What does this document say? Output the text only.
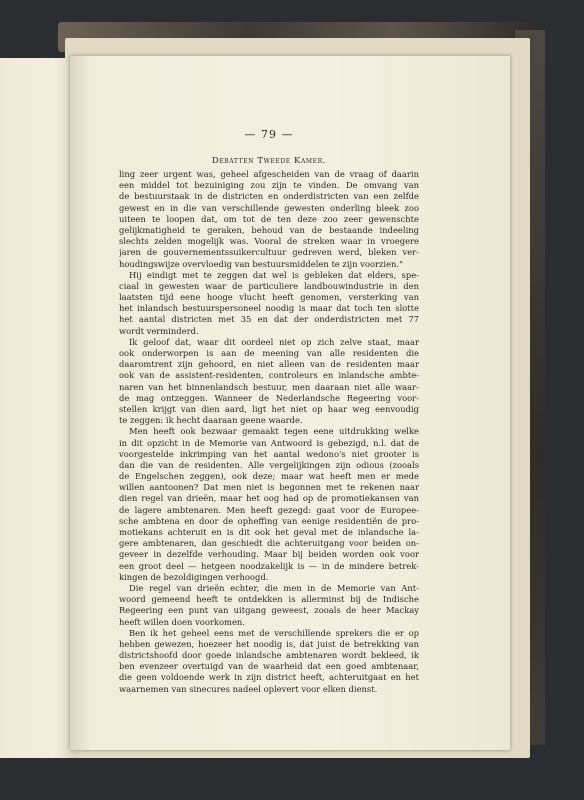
— 79 —
Debatten Tweede Kamer.
ling zeer urgent was, geheel afgescheiden van de vraag of daarin
een middel tot bezuiniging zou zijn te vinden. De omvang van
de bestuurstaak in de districten en onderdistricten van een zelfde
gewest en in die van verschillende gewesten onderling bleek zoo
uiteen te loopen dat, om tot de ten deze zoo zeer gewenschte
gelijkmatigheid te geraken, behoud van de bestaande indeeling
slechts zelden mogelijk was. Vooral de streken waar in vroegere
jaren de gouvernementssuikercultuur gedreven werd, bleken ver-
houdingswijze overvloedig van bestuursmiddelen te zijn voorzien."
Hij eindigt met te zeggen dat wel is gebleken dat elders, spe-
ciaal in gewesten waar de particuliere landbouwindustrie in den
laatsten tijd eene hooge vlucht heeft genomen, versterking van
het inlandsch bestuurspersoneel noodig is maar dat toch ten slotte
het aantal districten met 35 en dat der onderdistricten met 77
wordt verminderd.
Ik geloof dat, waar dit oordeel niet op zich zelve staat, maar
ook onderworpen is aan de meening van alle residenten die
daaromtrent zijn gehoord, en niet alleen van de residenten maar
ook van de assistent-residenten, controleurs en inlandsche ambte-
naren van het binnenlandsch bestuur, men daaraan niet alle waar-
de mag ontzeggen. Wanneer de Nederlandsche Regeering voor-
stellen krijgt van dien aard, ligt het niet op haar weg eenvoudig
te zeggen: ik hecht daaraan geene waarde.
Men heeft ook bezwaar gemaakt tegen eene uitdrukking welke
in dit opzicht in de Memorie van Antwoord is gebezigd, n.l. dat de
voorgestelde inkrimping van het aantal wedono's niet grooter is
dan die van de residenten. Alle vergelijkingen zijn odious (zooals
de Engelschen zeggen), ook deze; maar wat heeft men er mede
willen aantoonen? Dat men niet is begonnen met te rekenen naar
dien regel van drieën, maar het oog had op de promotiekansen van
de lagere ambtenaren. Men heeft gezegd: gaat voor de Europee-
sche ambtena en door de opheffing van eenige residentiën de pro-
motiekans achteruit en is dit ook het geval met de inlandsche la-
gere ambtenaren, dan geschiedt die achteruitgang voor beiden on-
geveer in dezelfde verhouding. Maar bij beiden worden ook voor
een groot deel — hetgeen noodzakelijk is — in de mindere betrek-
kingen de bezoldigingen verhoogd.
Die regel van drieën echter, die men in de Memorie van Ant-
woord gemeend heeft te ontdekken is allerminst bij de Indische
Regeering een punt van uitgang geweest, zooals de heer Mackay
heeft willen doen voorkomen.
Ben ik het geheel eens met de verschillende sprekers die er op
hebben gewezen, hoezeer het noodig is, dat juist de betrekking van
districtshoofd door goede inlandsche ambtenaren wordt bekleed, ik
ben evenzeer overtuigd van de waarheid dat een goed ambtenaar,
die geen voldoende werk in zijn district heeft, achteruitgaat en het
waarnemen van sinecures nadeel oplevert voor elken dienst.
